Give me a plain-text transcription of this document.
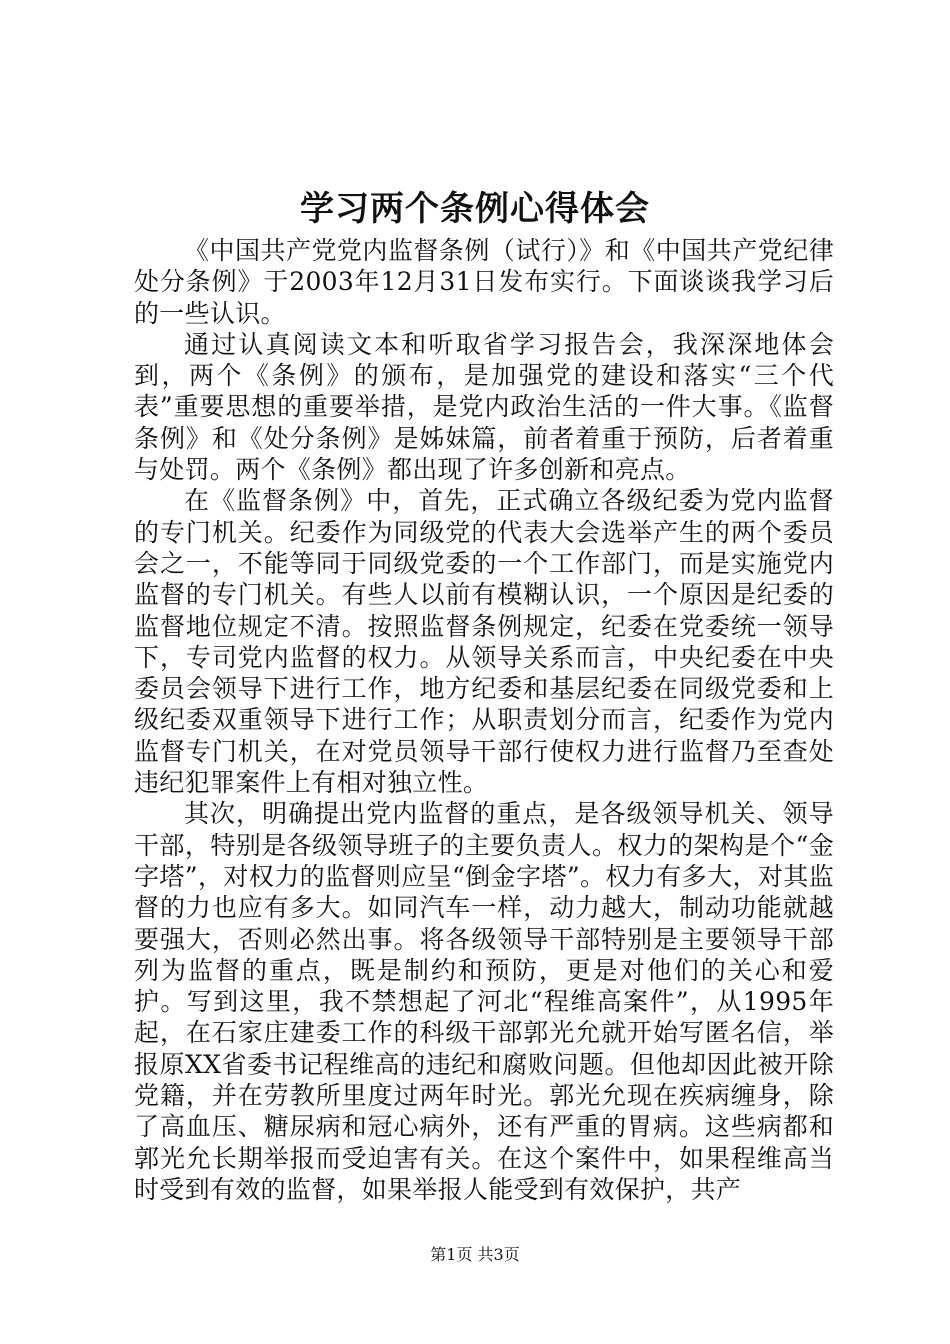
学习两个条例心得体会

《中国共产党党内监督条例（试行）》和《中国共产党纪律处分条例》于2003年12月31日发布实行。下面谈谈我学习后的一些认识。

通过认真阅读文本和听取省学习报告会，我深深地体会到，两个《条例》的颁布，是加强党的建设和落实“三个代表”重要思想的重要举措，是党内政治生活的一件大事。《监督条例》和《处分条例》是姊妹篇，前者着重于预防，后者着重与处罚。两个《条例》都出现了许多创新和亮点。

在《监督条例》中，首先，正式确立各级纪委为党内监督的专门机关。纪委作为同级党的代表大会选举产生的两个委员会之一，不能等同于同级党委的一个工作部门，而是实施党内监督的专门机关。有些人以前有模糊认识，一个原因是纪委的监督地位规定不清。按照监督条例规定，纪委在党委统一领导下，专司党内监督的权力。从领导关系而言，中央纪委在中央委员会领导下进行工作，地方纪委和基层纪委在同级党委和上级纪委双重领导下进行工作；从职责划分而言，纪委作为党内监督专门机关，在对党员领导干部行使权力进行监督乃至查处违纪犯罪案件上有相对独立性。

其次，明确提出党内监督的重点，是各级领导机关、领导干部，特别是各级领导班子的主要负责人。权力的架构是个“金字塔”，对权力的监督则应呈“倒金字塔”。权力有多大，对其监督的力也应有多大。如同汽车一样，动力越大，制动功能就越要强大，否则必然出事。将各级领导干部特别是主要领导干部列为监督的重点，既是制约和预防，更是对他们的关心和爱护。写到这里，我不禁想起了河北“程维高案件”，从1995年起，在石家庄建委工作的科级干部郭光允就开始写匿名信，举报原XX省委书记程维高的违纪和腐败问题。但他却因此被开除党籍，并在劳教所里度过两年时光。郭光允现在疾病缠身，除了高血压、糖尿病和冠心病外，还有严重的胃病。这些病都和郭光允长期举报而受迫害有关。在这个案件中，如果程维高当时受到有效的监督，如果举报人能受到有效保护，共产

第1页 共3页
